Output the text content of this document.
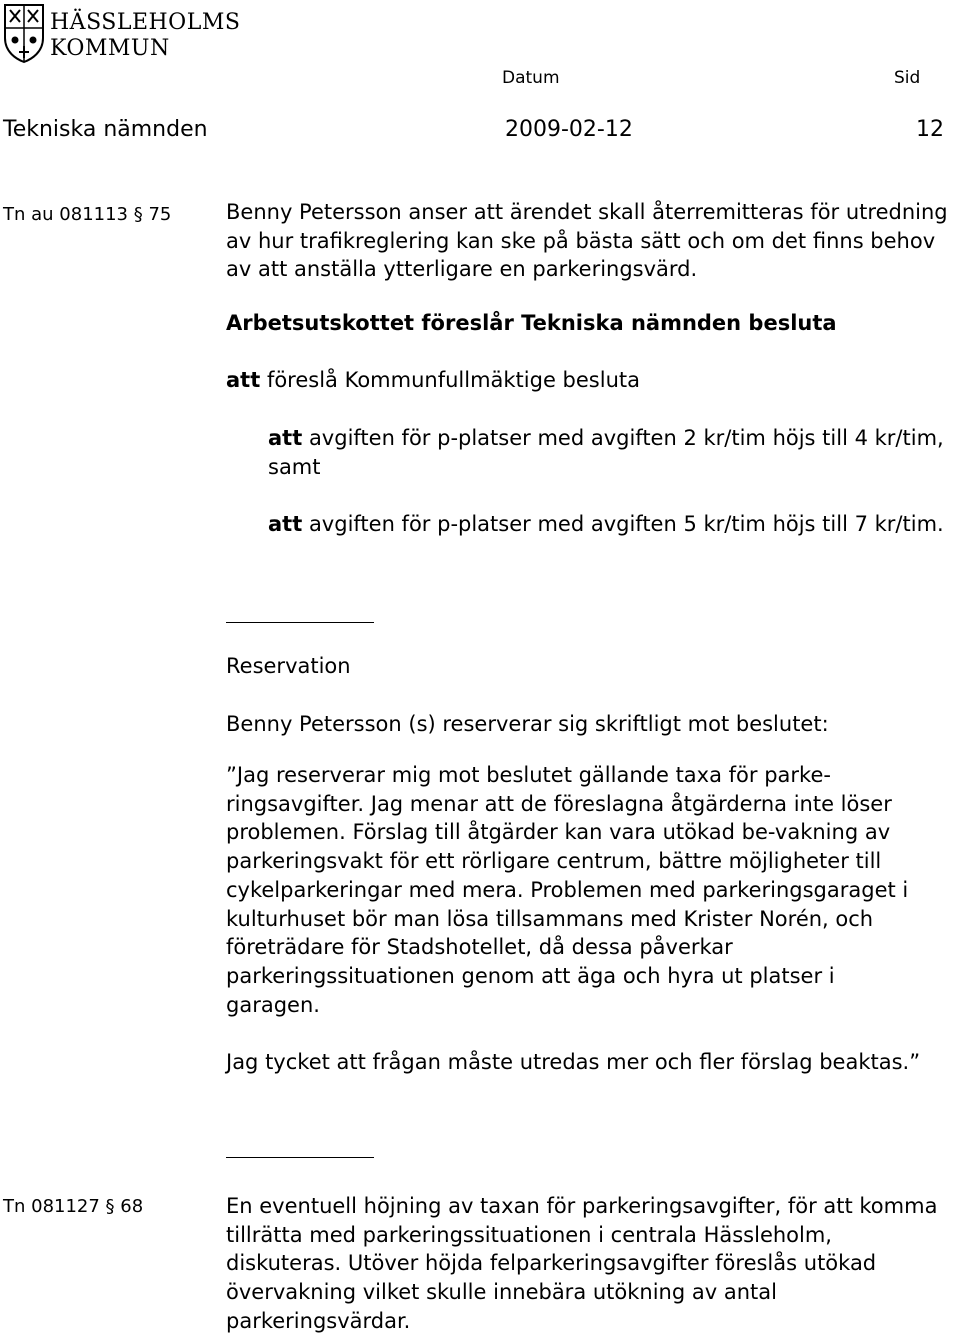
HÄSSLEHOLMS
KOMMUN
Datum	Sid
Tekniska nämnden	2009-02-12	12
Tn au 081113 § 75	Benny Petersson anser att ärendet skall återremitteras för utredning av hur trafikreglering kan ske på bästa sätt och om det finns behov av att anställa ytterligare en parkeringsvärd.
Arbetsutskottet föreslår Tekniska nämnden besluta
att föreslå Kommunfullmäktige besluta
att avgiften för p-platser med avgiften 2 kr/tim höjs till 4 kr/tim, samt
att avgiften för p-platser med avgiften 5 kr/tim höjs till 7 kr/tim.
Reservation
Benny Petersson (s) reserverar sig skriftligt mot beslutet:
”Jag reserverar mig mot beslutet gällande taxa för parke-ringsavgifter. Jag menar att de föreslagna åtgärderna inte löser problemen. Förslag till åtgärder kan vara utökad be-vakning av parkeringsvakt för ett rörligare centrum, bättre möjligheter till cykelparkeringar med mera. Problemen med parkeringsgaraget i kulturhuset bör man lösa tillsammans med Krister Norén, och företrädare för Stadshotellet, då dessa påverkar parkeringssituationen genom att äga och hyra ut platser i garagen.
Jag tycket att frågan måste utredas mer och fler förslag beaktas.”
Tn 081127 § 68	En eventuell höjning av taxan för parkeringsavgifter, för att komma tillrätta med parkeringssituationen i centrala Hässleholm, diskuteras. Utöver höjda felparkeringsavgifter föreslås utökad övervakning vilket skulle innebära utökning av antal parkeringsvärdar.
